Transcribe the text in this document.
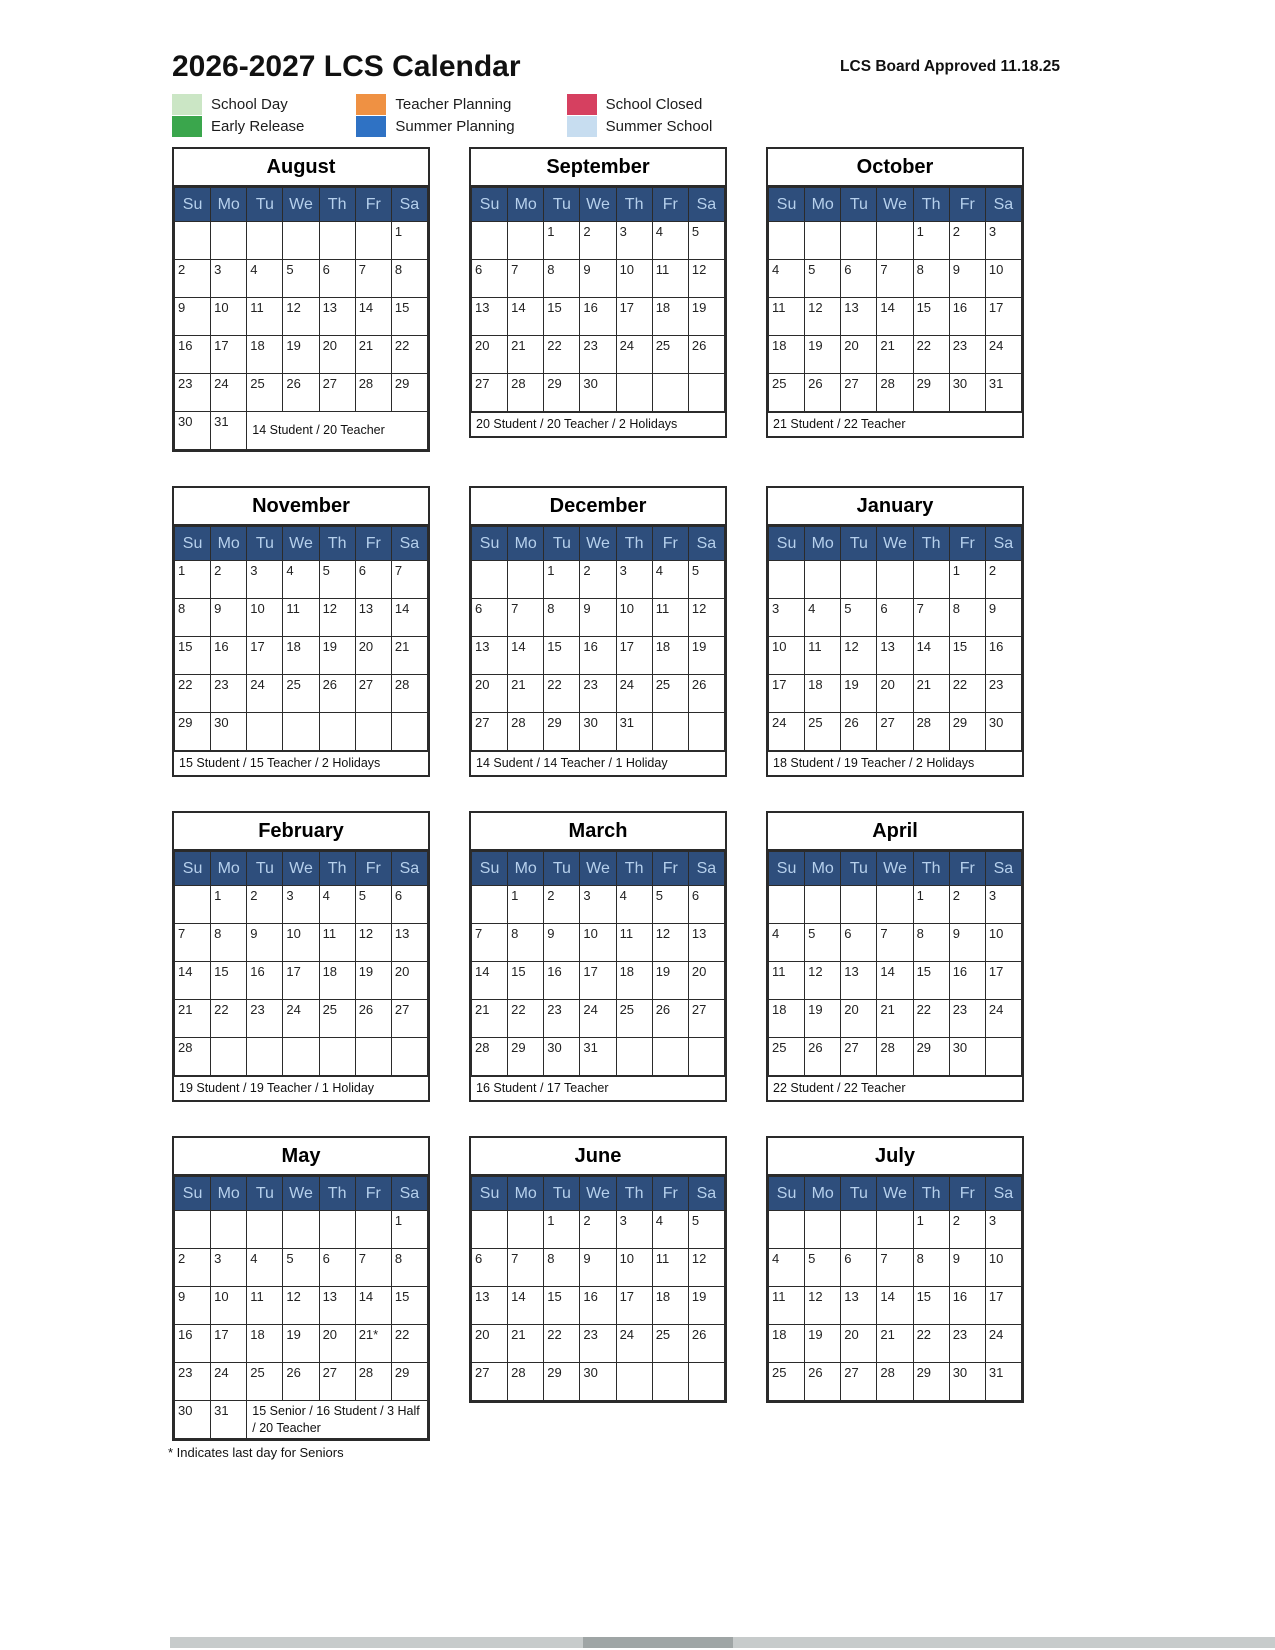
2026-2027 LCS Calendar	LCS Board Approved 11.18.25
School Day
Early Release
Teacher Planning
Summer Planning
School Closed
Summer School
August
Su	Mo	Tu	We	Th	Fr	Sa
						1
2	3	4	5	6	7	8
9	10	11	12	13	14	15
16	17	18	19	20	21	22
23	24	25	26	27	28	29
30	31	14 Student / 20 Teacher				
September
Su	Mo	Tu	We	Th	Fr	Sa
		1	2	3	4	5
6	7	8	9	10	11	12
13	14	15	16	17	18	19
20	21	22	23	24	25	26
27	28	29	30			
20 Student / 20 Teacher / 2 Holidays
October
Su	Mo	Tu	We	Th	Fr	Sa
				1	2	3
4	5	6	7	8	9	10
11	12	13	14	15	16	17
18	19	20	21	22	23	24
25	26	27	28	29	30	31
21 Student / 22 Teacher
November
Su	Mo	Tu	We	Th	Fr	Sa
1	2	3	4	5	6	7
8	9	10	11	12	13	14
15	16	17	18	19	20	21
22	23	24	25	26	27	28
29	30					
15 Student / 15 Teacher / 2 Holidays
December
Su	Mo	Tu	We	Th	Fr	Sa
		1	2	3	4	5
6	7	8	9	10	11	12
13	14	15	16	17	18	19
20	21	22	23	24	25	26
27	28	29	30	31		
14 Sudent / 14 Teacher / 1 Holiday
January
Su	Mo	Tu	We	Th	Fr	Sa
					1	2
3	4	5	6	7	8	9
10	11	12	13	14	15	16
17	18	19	20	21	22	23
24	25	26	27	28	29	30
18 Student / 19 Teacher / 2 Holidays
February
Su	Mo	Tu	We	Th	Fr	Sa
	1	2	3	4	5	6
7	8	9	10	11	12	13
14	15	16	17	18	19	20
21	22	23	24	25	26	27
28						
19 Student / 19 Teacher / 1 Holiday
March
Su	Mo	Tu	We	Th	Fr	Sa
	1	2	3	4	5	6
7	8	9	10	11	12	13
14	15	16	17	18	19	20
21	22	23	24	25	26	27
28	29	30	31			
16 Student / 17 Teacher
April
Su	Mo	Tu	We	Th	Fr	Sa
				1	2	3
4	5	6	7	8	9	10
11	12	13	14	15	16	17
18	19	20	21	22	23	24
25	26	27	28	29	30	
22 Student / 22 Teacher
May
Su	Mo	Tu	We	Th	Fr	Sa
						1
2	3	4	5	6	7	8
9	10	11	12	13	14	15
16	17	18	19	20	21*	22
23	24	25	26	27	28	29
30	31	15 Senior / 16 Student / 3 Half / 20 Teacher				
* Indicates last day for Seniors
June
Su	Mo	Tu	We	Th	Fr	Sa
		1	2	3	4	5
6	7	8	9	10	11	12
13	14	15	16	17	18	19
20	21	22	23	24	25	26
27	28	29	30			
July
Su	Mo	Tu	We	Th	Fr	Sa
				1	2	3
4	5	6	7	8	9	10
11	12	13	14	15	16	17
18	19	20	21	22	23	24
25	26	27	28	29	30	31
